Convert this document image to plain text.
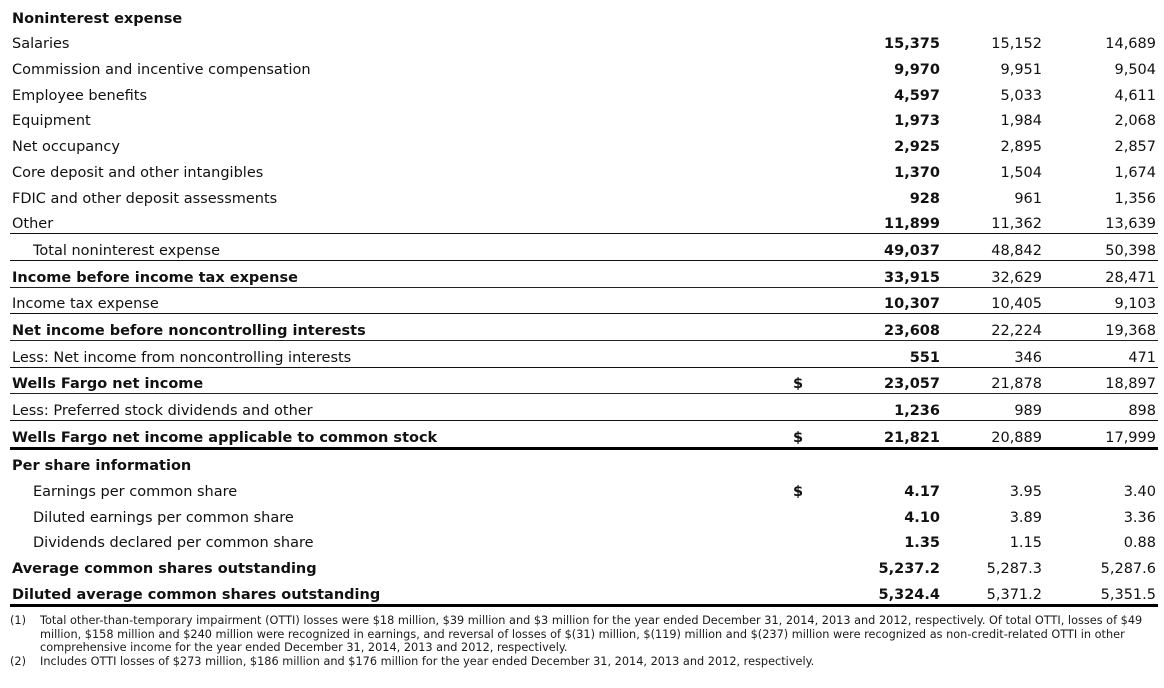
Noninterest expense				
Salaries		15,375	15,152	14,689
Commission and incentive compensation		9,970	9,951	9,504
Employee benefits		4,597	5,033	4,611
Equipment		1,973	1,984	2,068
Net occupancy		2,925	2,895	2,857
Core deposit and other intangibles		1,370	1,504	1,674
FDIC and other deposit assessments		928	961	1,356
Other		11,899	11,362	13,639
Total noninterest expense		49,037	48,842	50,398
Income before income tax expense		33,915	32,629	28,471
Income tax expense		10,307	10,405	9,103
Net income before noncontrolling interests		23,608	22,224	19,368
Less: Net income from noncontrolling interests		551	346	471
Wells Fargo net income	$	23,057	21,878	18,897
Less: Preferred stock dividends and other		1,236	989	898
Wells Fargo net income applicable to common stock	$	21,821	20,889	17,999
Per share information				
Earnings per common share	$	4.17	3.95	3.40
Diluted earnings per common share		4.10	3.89	3.36
Dividends declared per common share		1.35	1.15	0.88
Average common shares outstanding		5,237.2	5,287.3	5,287.6
Diluted average common shares outstanding		5,324.4	5,371.2	5,351.5
(1)	Total other-than-temporary impairment (OTTI) losses were $18 million, $39 million and $3 million for the year ended December 31, 2014, 2013 and 2012, respectively. Of total OTTI, losses of $49 million, $158 million and $240 million were recognized in earnings, and reversal of losses of $(31) million, $(119) million and $(237) million were recognized as non-credit-related OTTI in other comprehensive income for the year ended December 31, 2014, 2013 and 2012, respectively.
(2)	Includes OTTI losses of $273 million, $186 million and $176 million for the year ended December 31, 2014, 2013 and 2012, respectively.
